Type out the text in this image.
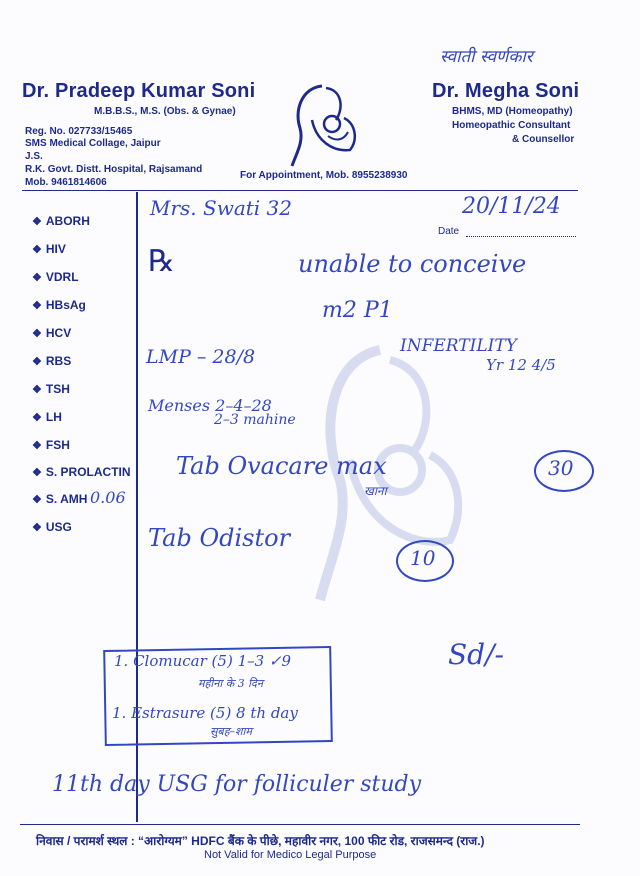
स्वाती स्वर्णकार
Dr. Pradeep Kumar Soni
M.B.B.S., M.S. (Obs. & Gynae)
Reg. No. 027733/15465
SMS Medical Collage, Jaipur
J.S.
R.K. Govt. Distt. Hospital, Rajsamand
Mob. 9461814606
For Appointment, Mob. 8955238930
Dr. Megha Soni
BHMS, MD (Homeopathy)
Homeopathic Consultant
& Counsellor
❖ ABORH
❖ HIV
❖ VDRL
❖ HBsAg
❖ HCV
❖ RBS
❖ TSH
❖ LH
❖ FSH
❖ S. PROLACTIN
❖ S. AMH
❖ USG
Mrs. Swati 32	20/11/24
Date
℞	unable to conceive
m2 P1
LMP – 28/8	INFERTILITY
Yr 12 4/5
Menses 2–4–28
2–3 mahine
0.06
Tab Ovacare max
खाना
30
Tab Odistor
10
1. Clomucar (5) 1–3 ✓9
महीना के 3 दिन
1. Estrasure (5) 8 th day
सुबह–शाम
Sd/-
11th day USG for folliculer study
निवास / परामर्श स्थल : “आरोग्यम” HDFC बैंक के पीछे, महावीर नगर, 100 फीट रोड, राजसमन्द (राज.)
Not Valid for Medico Legal Purpose
